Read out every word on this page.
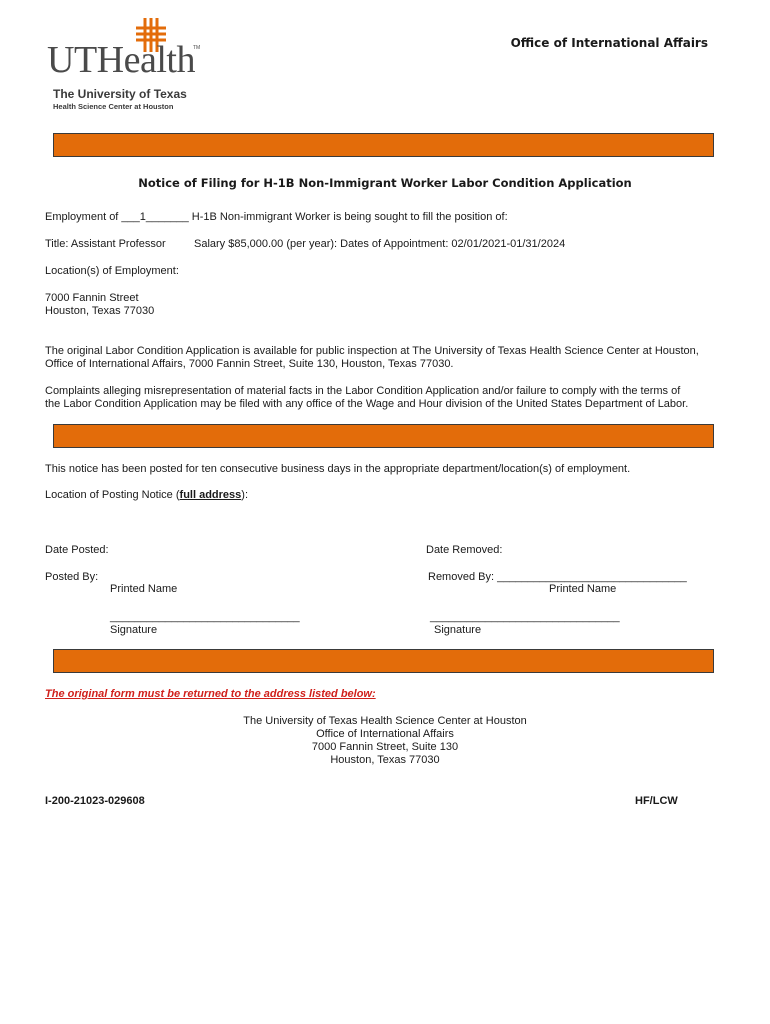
UTHealth
TM
The University of Texas
Health Science Center at Houston
Office of International Affairs
Notice of Filing for H-1B Non-Immigrant Worker Labor Condition Application
Employment of ___1_______ H-1B Non-immigrant Worker is being sought to fill the position of:
Title: Assistant Professor	Salary $85,000.00 (per year): Dates of Appointment: 02/01/2021-01/31/2024
Location(s) of Employment:
7000 Fannin Street
Houston, Texas 77030
The original Labor Condition Application is available for public inspection at The University of Texas Health Science Center at Houston,
Office of International Affairs, 7000 Fannin Street, Suite 130, Houston, Texas 77030.
Complaints alleging misrepresentation of material facts in the Labor Condition Application and/or failure to comply with the terms of
the Labor Condition Application may be filed with any office of the Wage and Hour division of the United States Department of Labor.
This notice has been posted for ten consecutive business days in the appropriate department/location(s) of employment.
Location of Posting Notice (full address):
Date Posted:	Date Removed:
Posted By:	Removed By: _______________________________
Printed Name	Printed Name
_______________________________	_______________________________
Signature	Signature
The original form must be returned to the address listed below:
The University of Texas Health Science Center at Houston
Office of International Affairs
7000 Fannin Street, Suite 130
Houston, Texas 77030
I-200-21023-029608	HF/LCW
